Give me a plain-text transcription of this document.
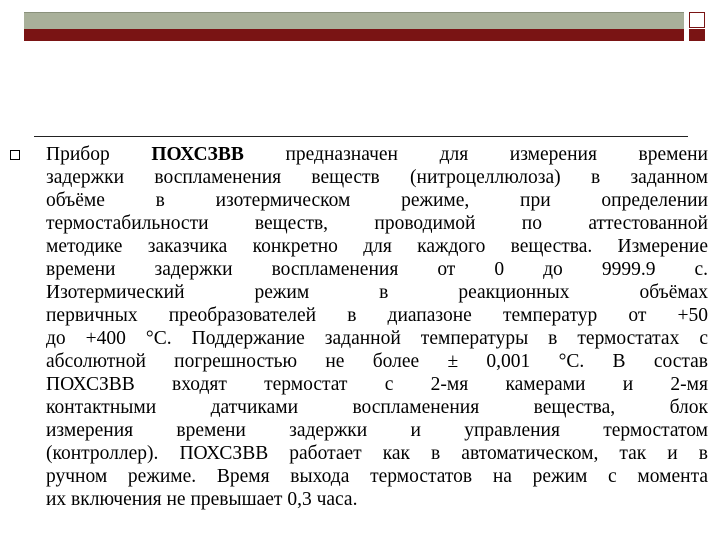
Прибор ПОХСЗВВ предназначен для измерения времени
задержки воспламенения веществ (нитроцеллюлоза) в заданном
объёме в изотермическом режиме, при определении
термостабильности веществ, проводимой по аттестованной
методике заказчика конкретно для каждого вещества. Измерение
времени задержки воспламенения от 0 до 9999.9 с.
Изотермический режим в реакционных объёмах
первичных преобразователей в диапазоне температур от +50
до +400 °С. Поддержание заданной температуры в термостатах с
абсолютной погрешностью не более ± 0,001 °С. В состав
ПОХСЗВВ входят термостат с 2-мя камерами и 2-мя
контактными датчиками воспламенения вещества, блок
измерения времени задержки и управления термостатом
(контроллер). ПОХСЗВВ работает как в автоматическом, так и в
ручном режиме. Время выхода термостатов на режим с момента
их включения не превышает 0,3 часа.
